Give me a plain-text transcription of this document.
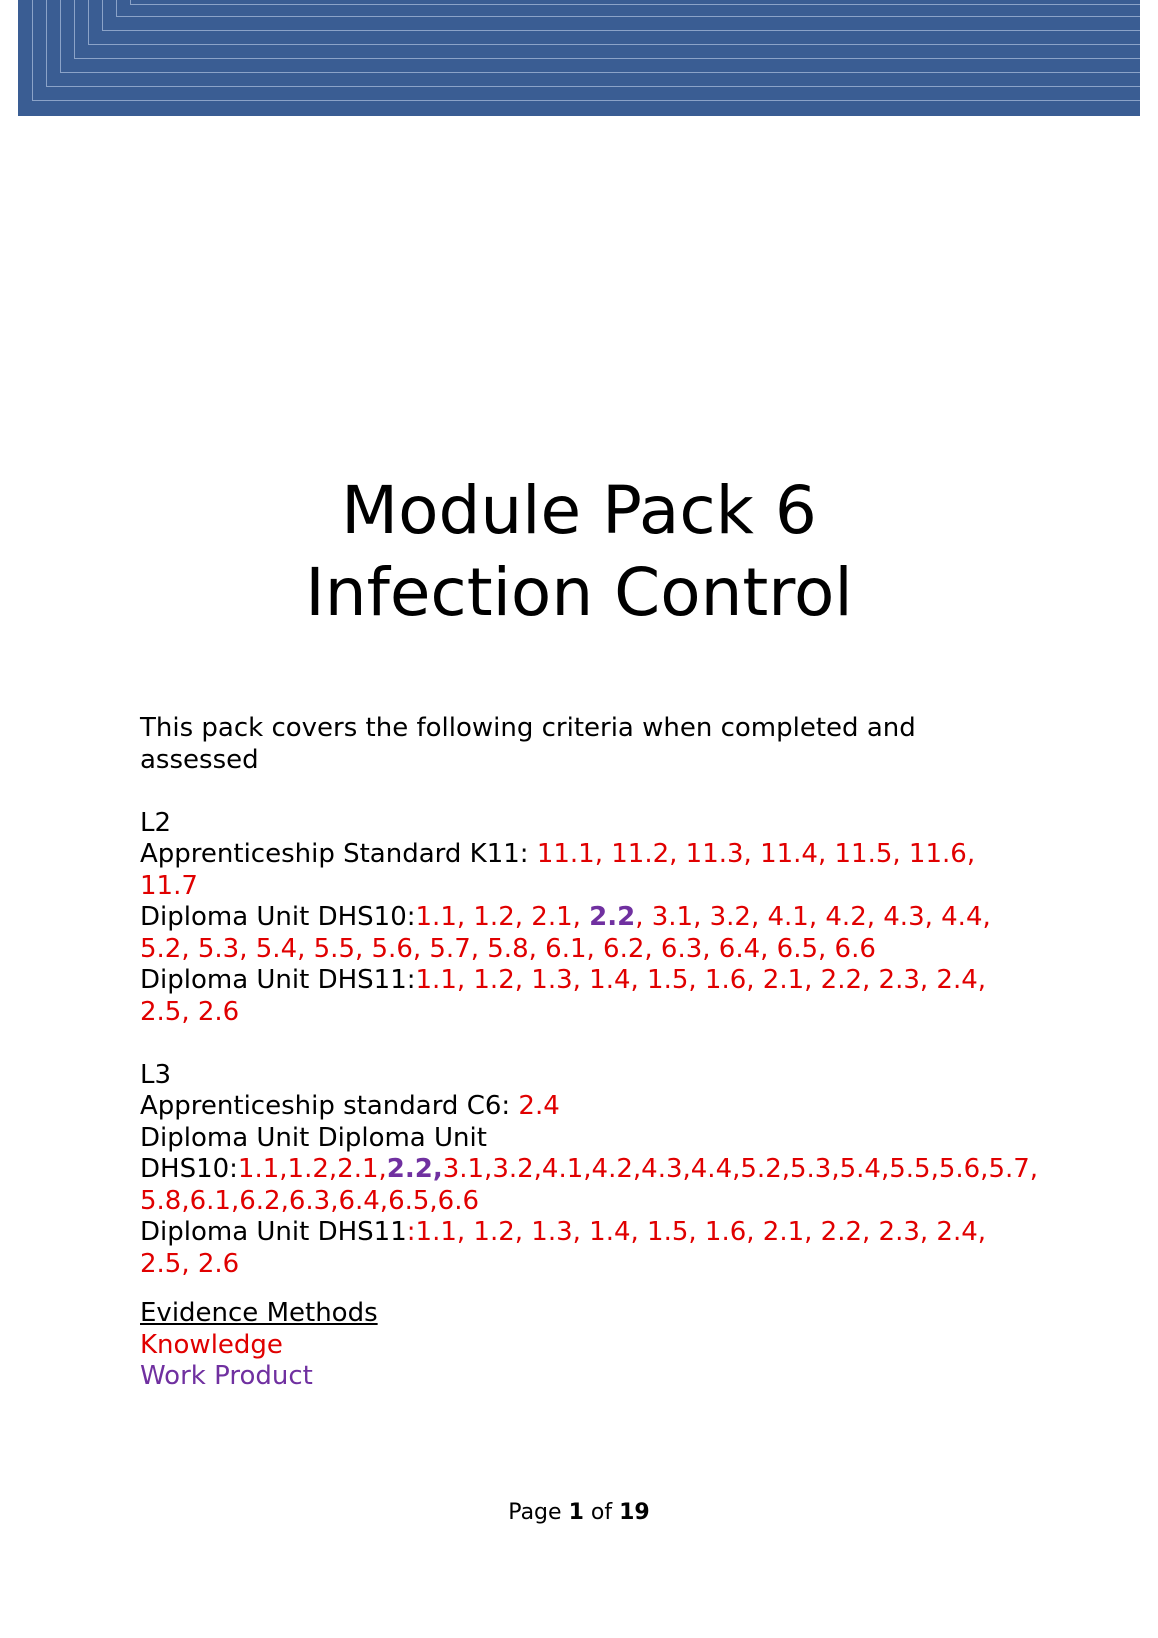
Module Pack 6
Infection Control

This pack covers the following criteria when completed and assessed

L2

Apprenticeship Standard K11: 11.1, 11.2, 11.3, 11.4, 11.5, 11.6, 11.7

Diploma Unit DHS10:1.1, 1.2, 2.1, 2.2, 3.1, 3.2, 4.1, 4.2, 4.3, 4.4, 5.2, 5.3, 5.4, 5.5, 5.6, 5.7, 5.8, 6.1, 6.2, 6.3, 6.4, 6.5, 6.6

Diploma Unit DHS11:1.1, 1.2, 1.3, 1.4, 1.5, 1.6, 2.1, 2.2, 2.3, 2.4, 2.5, 2.6

L3

Apprenticeship standard C6: 2.4

Diploma Unit Diploma Unit DHS10:1.1,1.2,2.1,2.2,3.1,3.2,4.1,4.2,4.3,4.4,5.2,5.3,5.4,5.5,5.6,5.7, 5.8,6.1,6.2,6.3,6.4,6.5,6.6

Diploma Unit DHS11:1.1, 1.2, 1.3, 1.4, 1.5, 1.6, 2.1, 2.2, 2.3, 2.4, 2.5, 2.6

Evidence Methods

Knowledge

Work Product

Page 1 of 19
